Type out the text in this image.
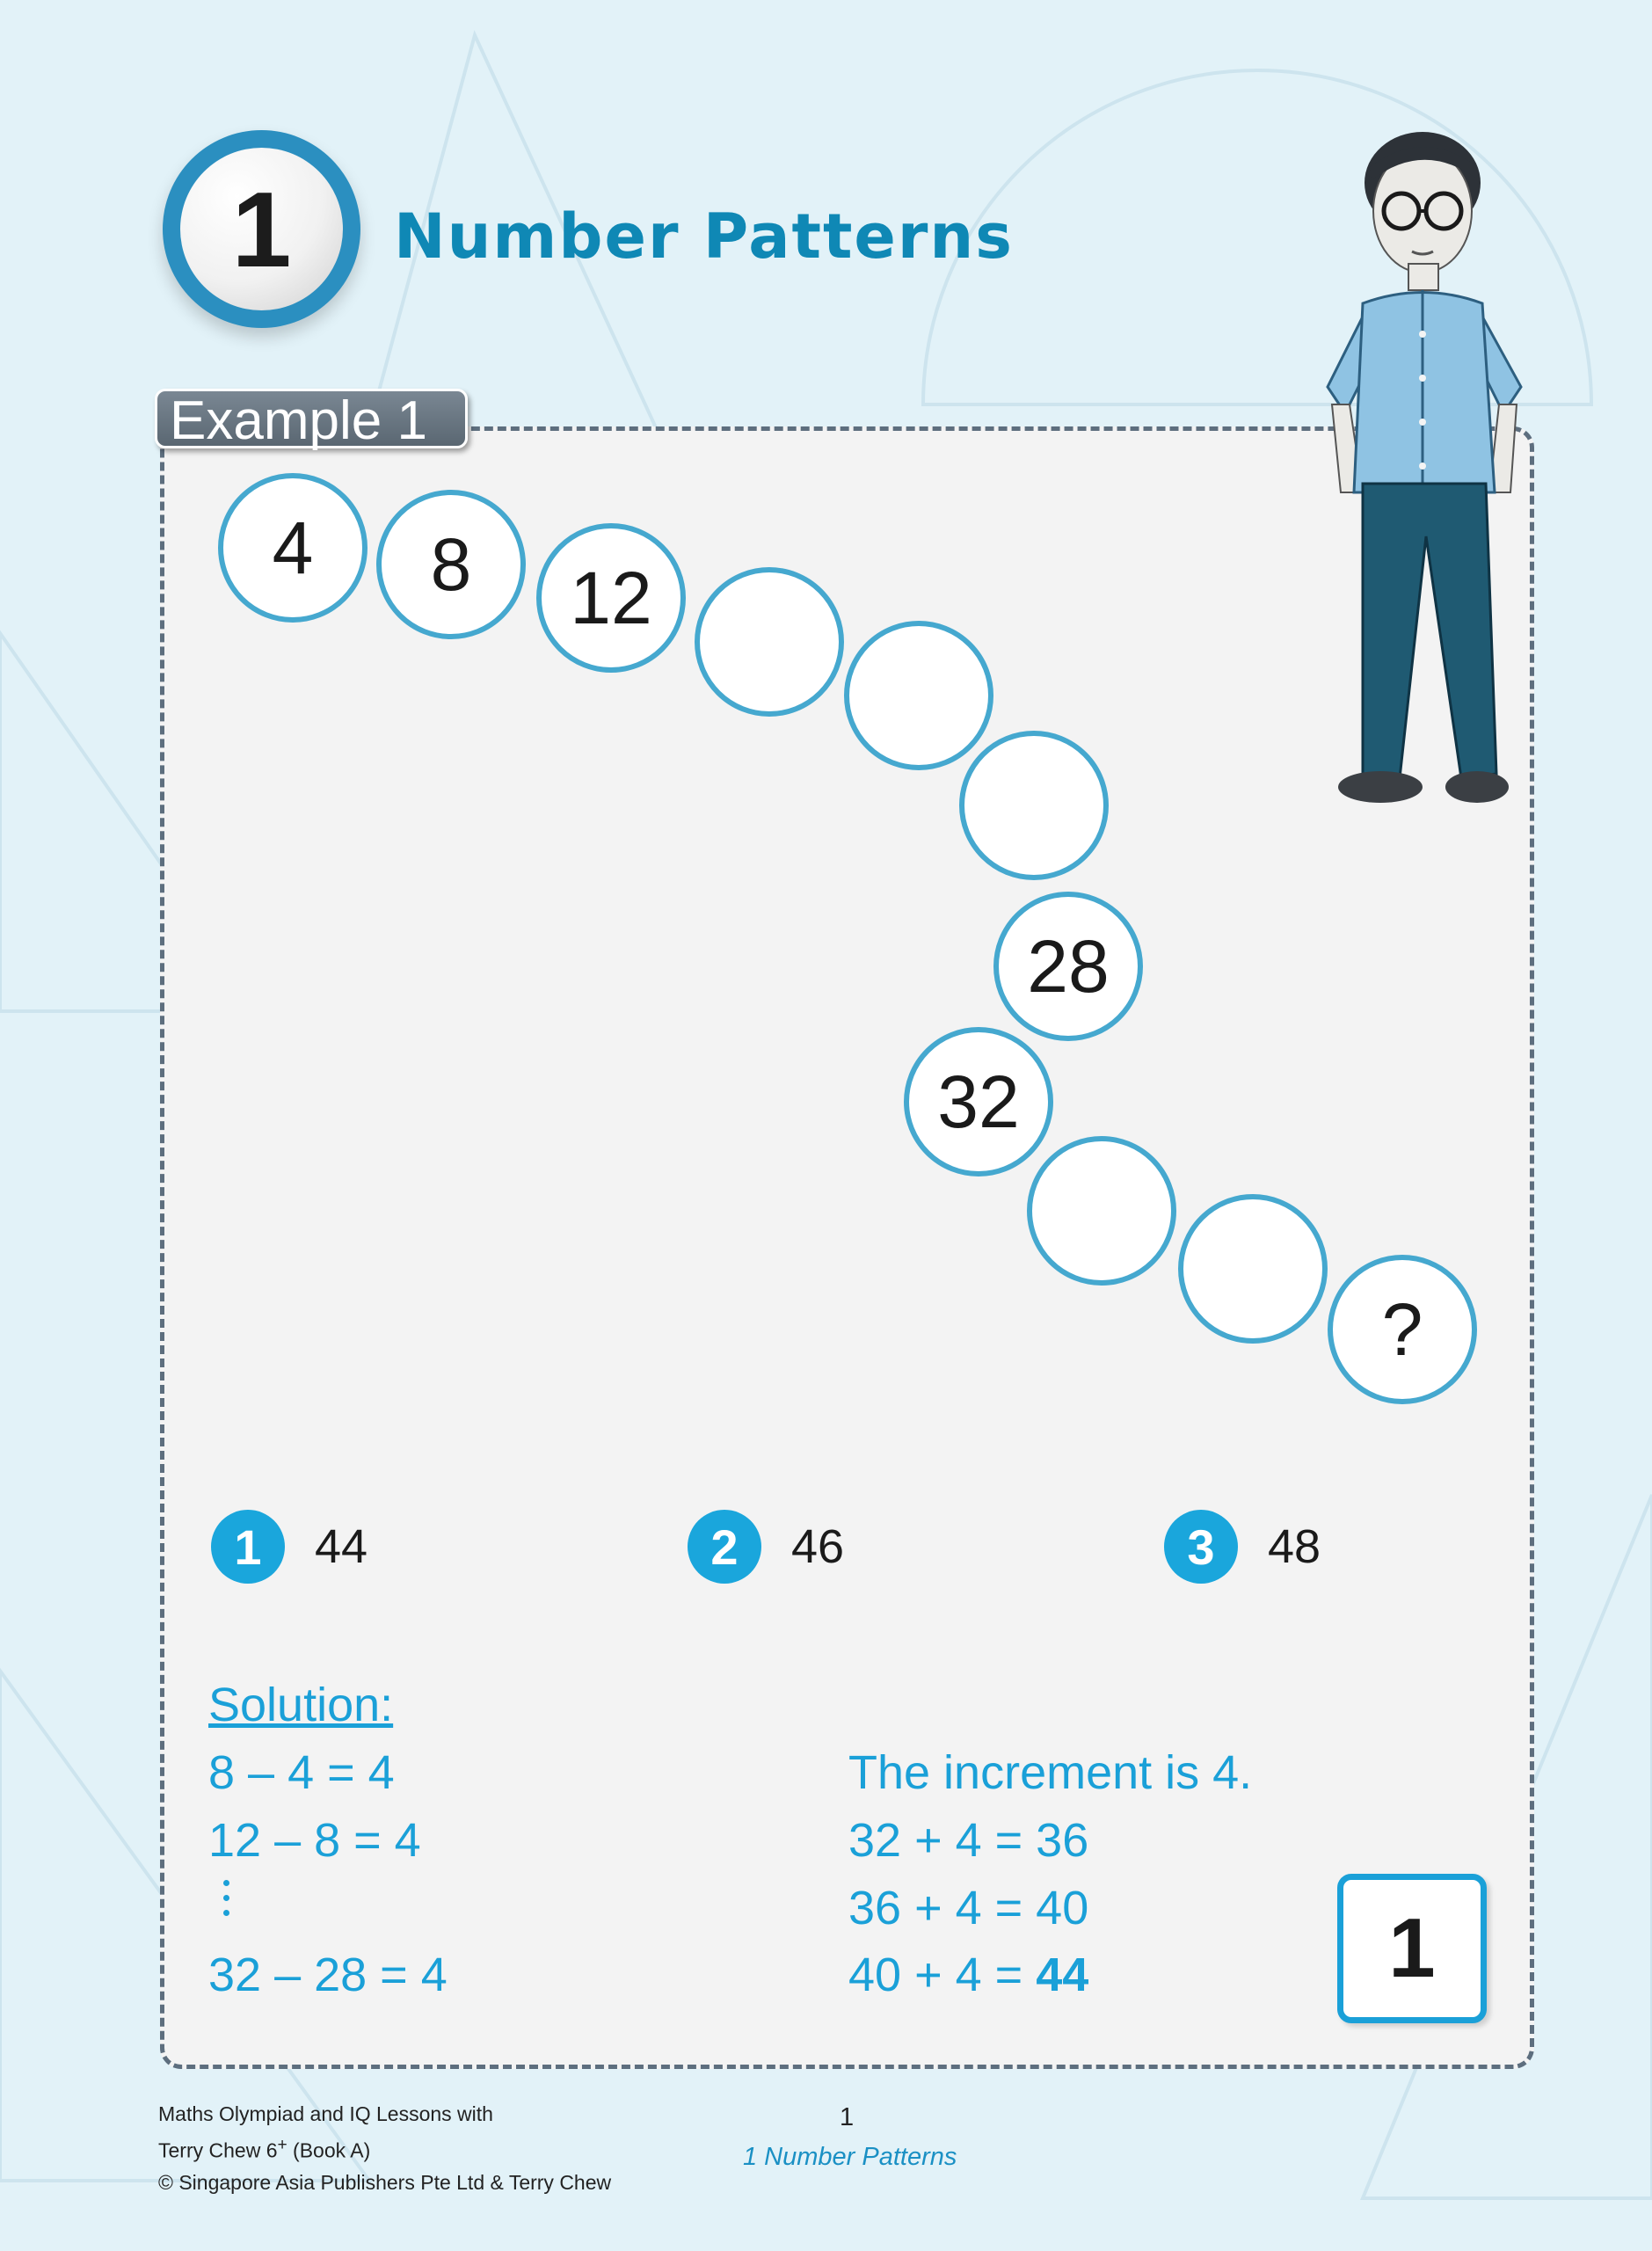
1 Number Patterns
Example 1
4	8	12
28
32
?
1	44	2	46	3	48
Solution:
8 – 4 = 4
12 – 8 = 4
32 – 28 = 4
The increment is 4.
32 + 4 = 36
36 + 4 = 40
40 + 4 = 44	1
Maths Olympiad and IQ Lessons with
Terry Chew 6+ (Book A)
© Singapore Asia Publishers Pte Ltd & Terry Chew
1
1 Number Patterns
